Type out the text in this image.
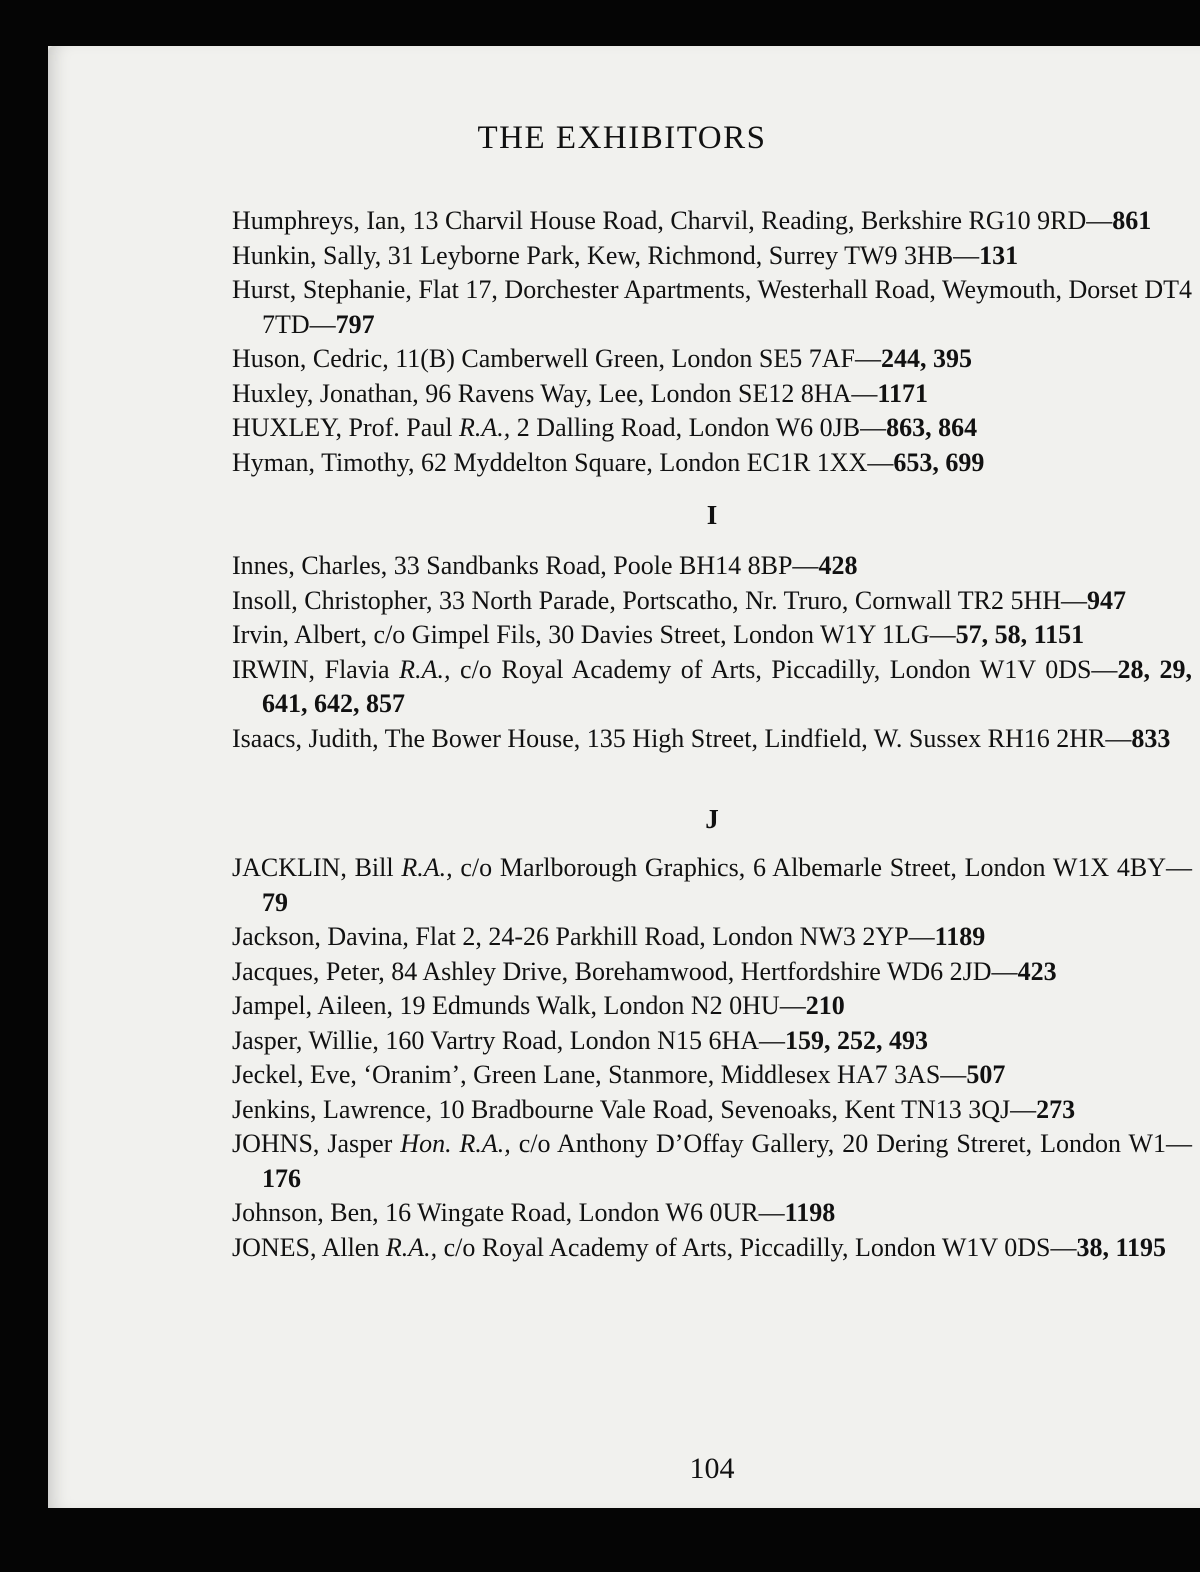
THE EXHIBITORS

Humphreys, Ian, 13 Charvil House Road, Charvil, Reading, Berkshire RG10 9RD—861

Hunkin, Sally, 31 Leyborne Park, Kew, Richmond, Surrey TW9 3HB—131

Hurst, Stephanie, Flat 17, Dorchester Apartments, Westerhall Road, Weymouth, Dorset DT4 7TD—797

Huson, Cedric, 11(B) Camberwell Green, London SE5 7AF—244, 395

Huxley, Jonathan, 96 Ravens Way, Lee, London SE12 8HA—1171

HUXLEY, Prof. Paul R.A., 2 Dalling Road, London W6 0JB—863, 864

Hyman, Timothy, 62 Myddelton Square, London EC1R 1XX—653, 699

I

Innes, Charles, 33 Sandbanks Road, Poole BH14 8BP—428

Insoll, Christopher, 33 North Parade, Portscatho, Nr. Truro, Cornwall TR2 5HH—947

Irvin, Albert, c/o Gimpel Fils, 30 Davies Street, London W1Y 1LG—57, 58, 1151

IRWIN, Flavia R.A., c/o Royal Academy of Arts, Piccadilly, London W1V 0DS—28, 29, 641, 642, 857

Isaacs, Judith, The Bower House, 135 High Street, Lindfield, W. Sussex RH16 2HR—833

J

JACKLIN, Bill R.A., c/o Marlborough Graphics, 6 Albemarle Street, London W1X 4BY—79

Jackson, Davina, Flat 2, 24-26 Parkhill Road, London NW3 2YP—1189

Jacques, Peter, 84 Ashley Drive, Borehamwood, Hertfordshire WD6 2JD—423

Jampel, Aileen, 19 Edmunds Walk, London N2 0HU—210

Jasper, Willie, 160 Vartry Road, London N15 6HA—159, 252, 493

Jeckel, Eve, ‘Oranim’, Green Lane, Stanmore, Middlesex HA7 3AS—507

Jenkins, Lawrence, 10 Bradbourne Vale Road, Sevenoaks, Kent TN13 3QJ—273

JOHNS, Jasper Hon. R.A., c/o Anthony D’Offay Gallery, 20 Dering Streret, London W1—176

Johnson, Ben, 16 Wingate Road, London W6 0UR—1198

JONES, Allen R.A., c/o Royal Academy of Arts, Piccadilly, London W1V 0DS—38, 1195

104
